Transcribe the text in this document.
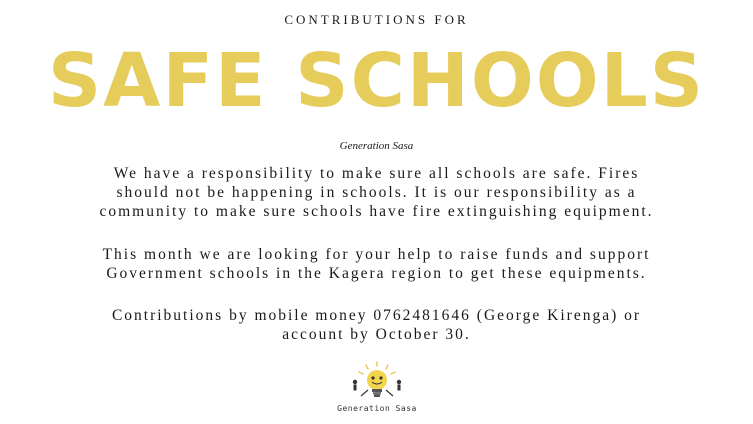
CONTRIBUTIONS FOR
SAFE SCHOOLS
Generation Sasa
We have a responsibility to make sure all schools are safe. Fires
should not be happening in schools. It is our responsibility as a
community to make sure schools have fire extinguishing equipment.
This month we are looking for your help to raise funds and support
Government schools in the Kagera region to get these equipments.
Contributions by mobile money 0762481646 (George Kirenga) or
account by October 30.
Generation Sasa
